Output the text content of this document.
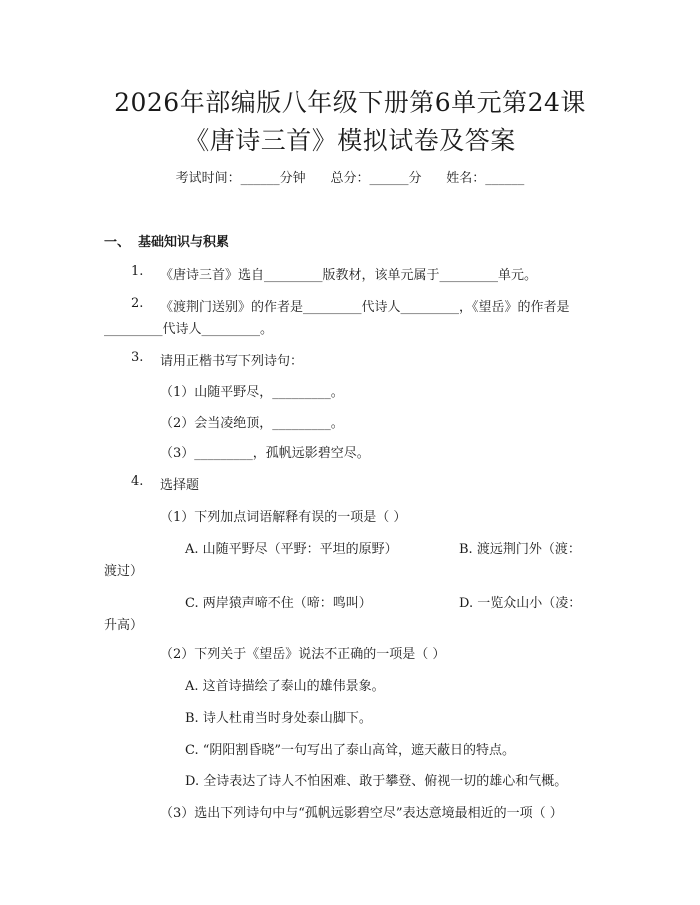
2026年部编版八年级下册第6单元第24课
《唐诗三首》模拟试卷及答案
考试时间：______分钟 总分：______分 姓名：______
一、 基础知识与积累
1. 《唐诗三首》选自_________版教材，该单元属于_________单元。
2. 《渡荆门送别》的作者是_________代诗人_________，《望岳》的作者是
_________代诗人_________。
3. 请用正楷书写下列诗句：
（1）山随平野尽，_________。
（2）会当凌绝顶，_________。
（3）_________，孤帆远影碧空尽。
4. 选择题
（1）下列加点词语解释有误的一项是（ ）
A. 山随平野尽（平野：平坦的原野）	B. 渡远荆门外（渡：
渡过）
C. 两岸猿声啼不住（啼：鸣叫）	D. 一览众山小（凌：
升高）
（2）下列关于《望岳》说法不正确的一项是（ ）
A. 这首诗描绘了泰山的雄伟景象。
B. 诗人杜甫当时身处泰山脚下。
C. “阴阳割昏晓”一句写出了泰山高耸，遮天蔽日的特点。
D. 全诗表达了诗人不怕困难、敢于攀登、俯视一切的雄心和气概。
（3）选出下列诗句中与“孤帆远影碧空尽”表达意境最相近的一项（ ）
